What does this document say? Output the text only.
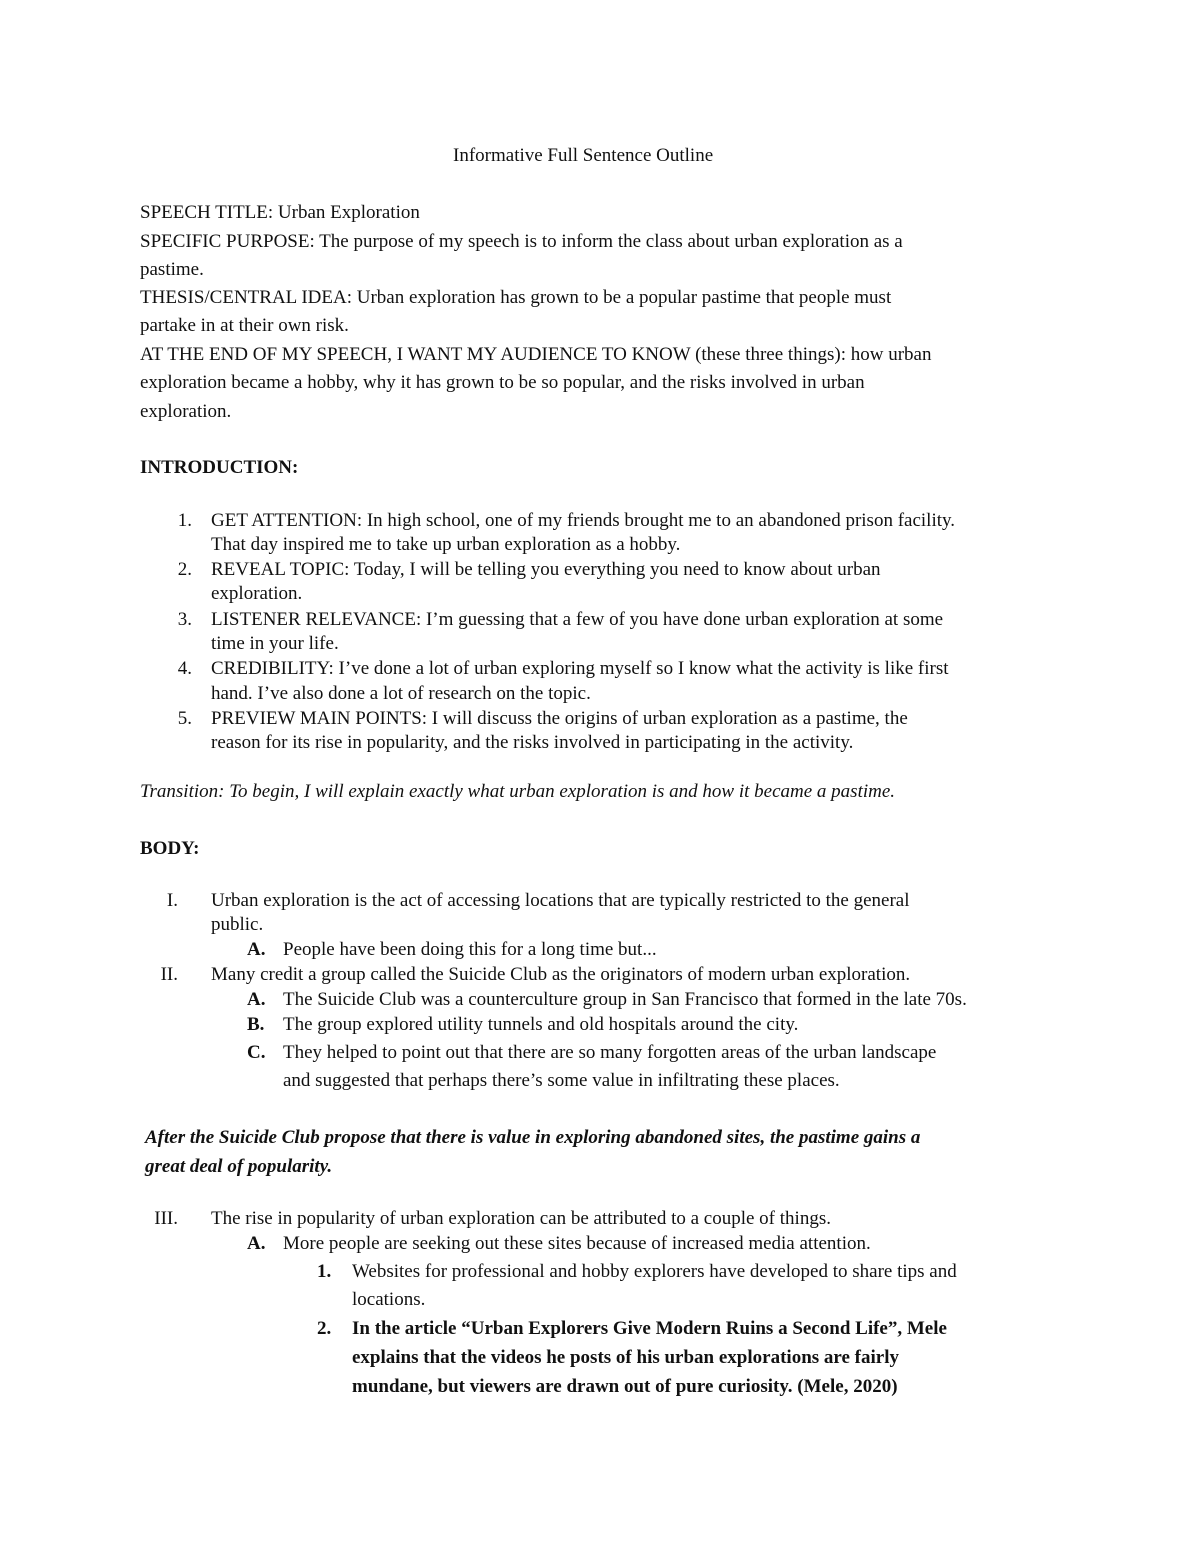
Informative Full Sentence Outline
SPEECH TITLE: Urban Exploration
SPECIFIC PURPOSE: The purpose of my speech is to inform the class about urban exploration as a
pastime.
THESIS/CENTRAL IDEA: Urban exploration has grown to be a popular pastime that people must
partake in at their own risk.
AT THE END OF MY SPEECH, I WANT MY AUDIENCE TO KNOW (these three things): how urban
exploration became a hobby, why it has grown to be so popular, and the risks involved in urban
exploration.
INTRODUCTION:
1. GET ATTENTION: In high school, one of my friends brought me to an abandoned prison facility.
That day inspired me to take up urban exploration as a hobby.
2. REVEAL TOPIC: Today, I will be telling you everything you need to know about urban
exploration.
3. LISTENER RELEVANCE: I’m guessing that a few of you have done urban exploration at some
time in your life.
4. CREDIBILITY: I’ve done a lot of urban exploring myself so I know what the activity is like first
hand. I’ve also done a lot of research on the topic.
5. PREVIEW MAIN POINTS: I will discuss the origins of urban exploration as a pastime, the
reason for its rise in popularity, and the risks involved in participating in the activity.
Transition: To begin, I will explain exactly what urban exploration is and how it became a pastime.
BODY:
I. Urban exploration is the act of accessing locations that are typically restricted to the general
public.
A. People have been doing this for a long time but...
II. Many credit a group called the Suicide Club as the originators of modern urban exploration.
A. The Suicide Club was a counterculture group in San Francisco that formed in the late 70s.
B. The group explored utility tunnels and old hospitals around the city.
C. They helped to point out that there are so many forgotten areas of the urban landscape
and suggested that perhaps there’s some value in infiltrating these places.
After the Suicide Club propose that there is value in exploring abandoned sites, the pastime gains a
great deal of popularity.
III. The rise in popularity of urban exploration can be attributed to a couple of things.
A. More people are seeking out these sites because of increased media attention.
1. Websites for professional and hobby explorers have developed to share tips and
locations.
2. In the article “Urban Explorers Give Modern Ruins a Second Life”, Mele
explains that the videos he posts of his urban explorations are fairly
mundane, but viewers are drawn out of pure curiosity. (Mele, 2020)
